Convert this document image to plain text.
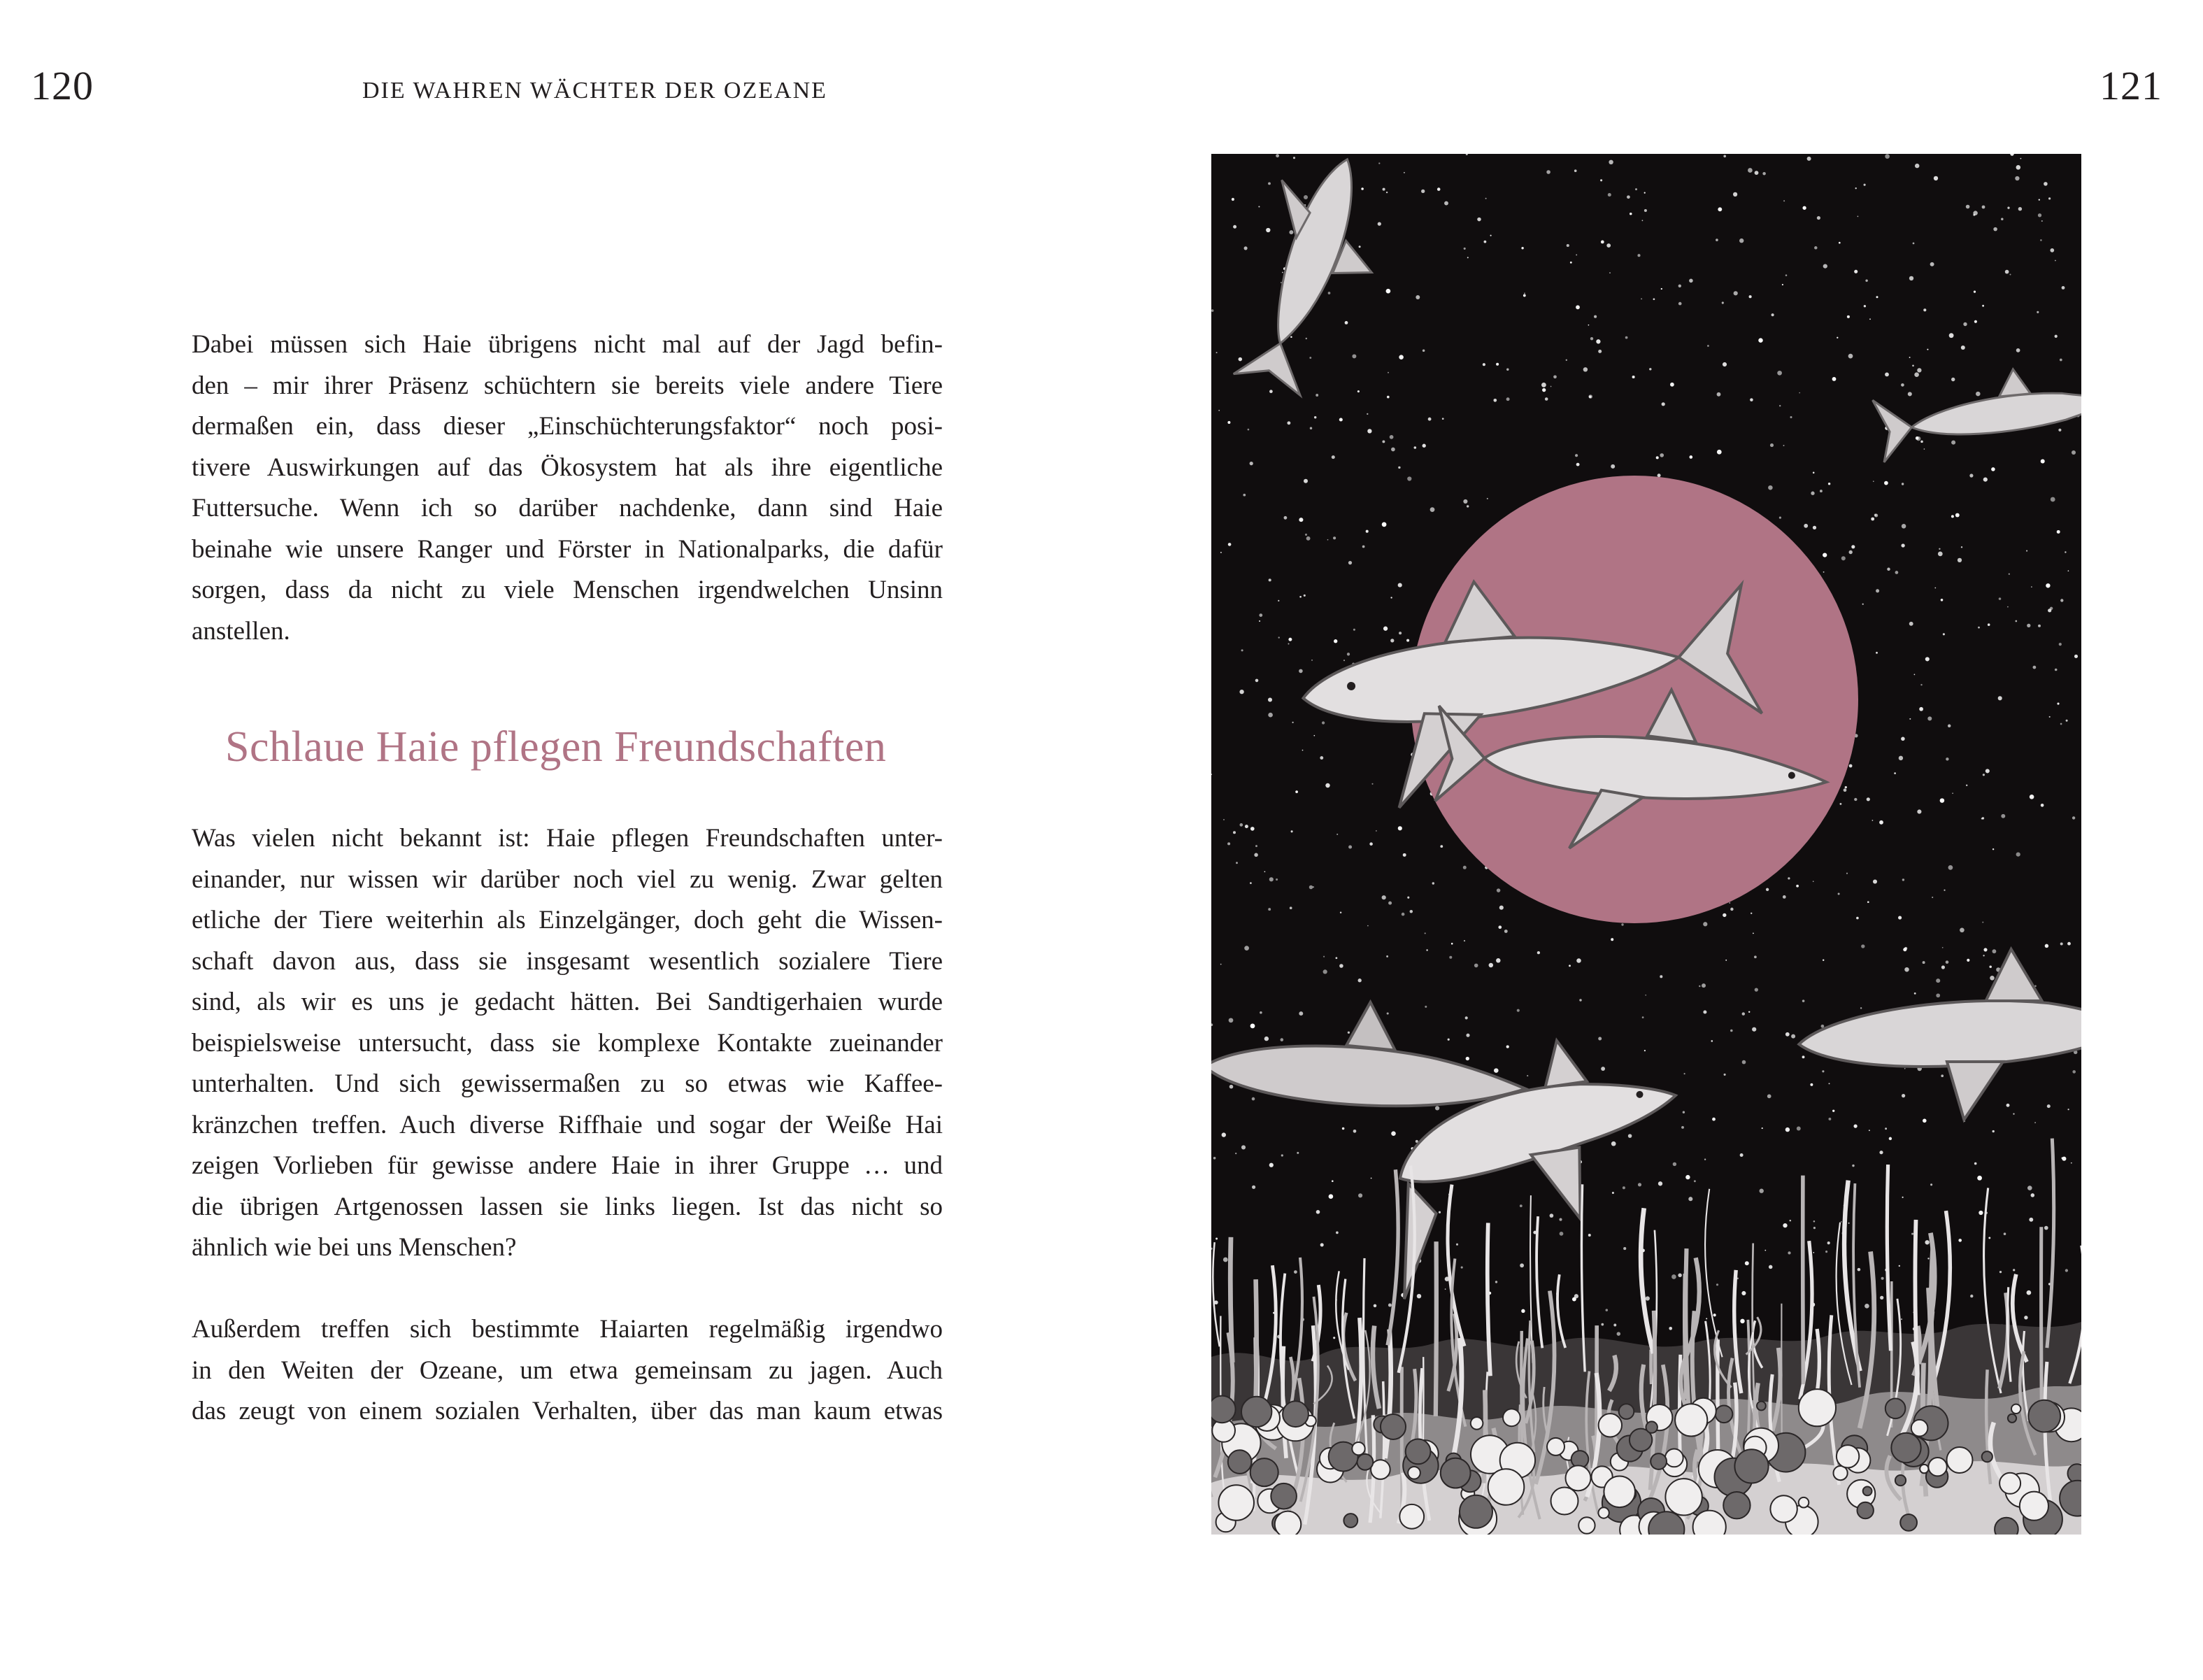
120	DIE WAHREN WÄCHTER DER OZEANE
Dabei müssen sich Haie übrigens nicht mal auf der Jagd befin-
den – mir ihrer Präsenz schüchtern sie bereits viele andere Tiere
dermaßen ein, dass dieser „Einschüchterungsfaktor“ noch posi-
tivere Auswirkungen auf das Ökosystem hat als ihre eigentliche
Futtersuche. Wenn ich so darüber nachdenke, dann sind Haie
beinahe wie unsere Ranger und Förster in Nationalparks, die dafür
sorgen, dass da nicht zu viele Menschen irgendwelchen Unsinn
anstellen.
Schlaue Haie pflegen Freundschaften
Was vielen nicht bekannt ist: Haie pflegen Freundschaften unter-
einander, nur wissen wir darüber noch viel zu wenig. Zwar gelten
etliche der Tiere weiterhin als Einzelgänger, doch geht die Wissen-
schaft davon aus, dass sie insgesamt wesentlich sozialere Tiere
sind, als wir es uns je gedacht hätten. Bei Sandtigerhaien wurde
beispielsweise untersucht, dass sie komplexe Kontakte zueinander
unterhalten. Und sich gewissermaßen zu so etwas wie Kaffee-
kränzchen treffen. Auch diverse Riffhaie und sogar der Weiße Hai
zeigen Vorlieben für gewisse andere Haie in ihrer Gruppe … und
die übrigen Artgenossen lassen sie links liegen. Ist das nicht so
ähnlich wie bei uns Menschen?
Außerdem treffen sich bestimmte Haiarten regelmäßig irgendwo
in den Weiten der Ozeane, um etwa gemeinsam zu jagen. Auch
das zeugt von einem sozialen Verhalten, über das man kaum etwas
121
